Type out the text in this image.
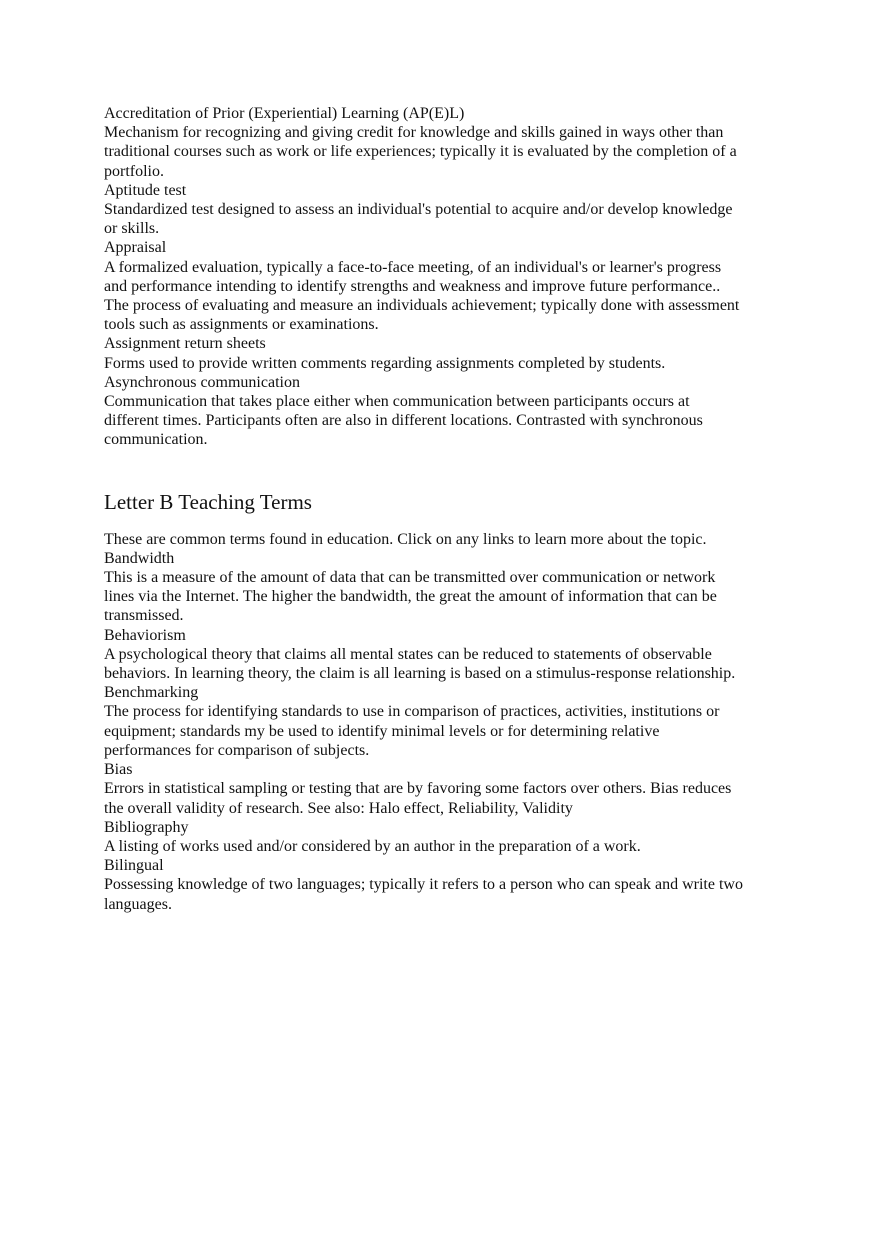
Accreditation of Prior (Experiential) Learning (AP(E)L)

Mechanism for recognizing and giving credit for knowledge and skills gained in ways other than traditional courses such as work or life experiences; typically it is evaluated by the completion of a portfolio.

Aptitude test

Standardized test designed to assess an individual's potential to acquire and/or develop knowledge or skills.

Appraisal

A formalized evaluation, typically a face-to-face meeting, of an individual's or learner's progress and performance intending to identify strengths and weakness and improve future performance..

The process of evaluating and measure an individuals achievement; typically done with assessment tools such as assignments or examinations.

Assignment return sheets

Forms used to provide written comments regarding assignments completed by students.

Asynchronous communication

Communication that takes place either when communication between participants occurs at different times. Participants often are also in different locations. Contrasted with synchronous communication.

Letter B Teaching Terms

These are common terms found in education. Click on any links to learn more about the topic.

Bandwidth

This is a measure of the amount of data that can be transmitted over communication or network lines via the Internet. The higher the bandwidth, the great the amount of information that can be transmissed.

Behaviorism

A psychological theory that claims all mental states can be reduced to statements of observable behaviors. In learning theory, the claim is all learning is based on a stimulus-response relationship.

Benchmarking

The process for identifying standards to use in comparison of practices, activities, institutions or equipment; standards my be used to identify minimal levels or for determining relative performances for comparison of subjects.

Bias

Errors in statistical sampling or testing that are by favoring some factors over others. Bias reduces the overall validity of research. See also: Halo effect, Reliability, Validity

Bibliography

A listing of works used and/or considered by an author in the preparation of a work.

Bilingual

Possessing knowledge of two languages; typically it refers to a person who can speak and write two languages.
